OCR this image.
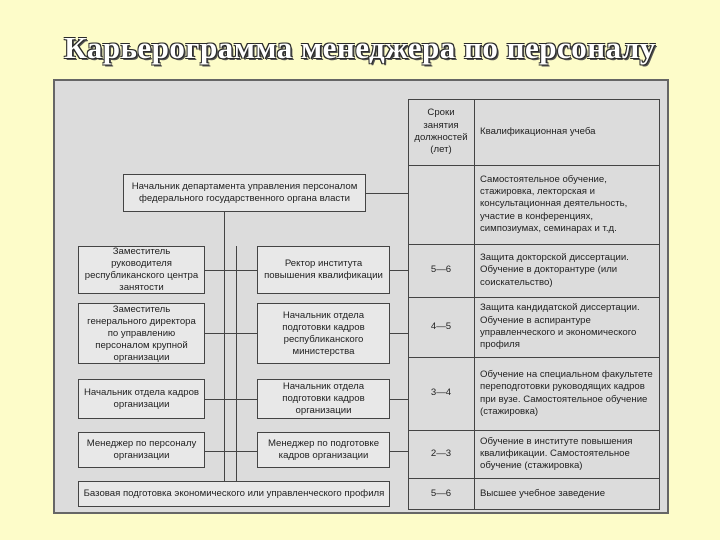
Карьерограмма менеджера по персоналу
Сроки занятия должностей (лет)
Квалификационная учеба
Самостоятельное обучение, стажировка, лекторская и консультационная деятельность, участие в конференциях, симпозиумах, семинарах и т.д.
5—6
Защита докторской диссертации. Обучение в докторантуре (или соискательство)
4—5
Защита кандидатской диссертации. Обучение в аспирантуре управленческого и экономического профиля
3—4
Обучение на специальном факультете переподготовки руководящих кадров при вузе. Самостоятельное обучение (стажировка)
2—3
Обучение в институте повышения квалификации. Самостоятельное обучение (стажировка)
5—6	Высшее учебное заведение
Начальник департамента управления персоналом федерального государственного органа власти
Заместитель руководителя республиканского центра занятости
Заместитель генерального директора по управлению персоналом крупной организации
Начальник отдела кадров организации
Менеджер по персоналу организации
Ректор института повышения квалификации
Начальник отдела подготовки кадров республиканского министерства
Начальник отдела подготовки кадров организации
Менеджер по подготовке кадров организации
Базовая подготовка экономического или управленческого профиля
